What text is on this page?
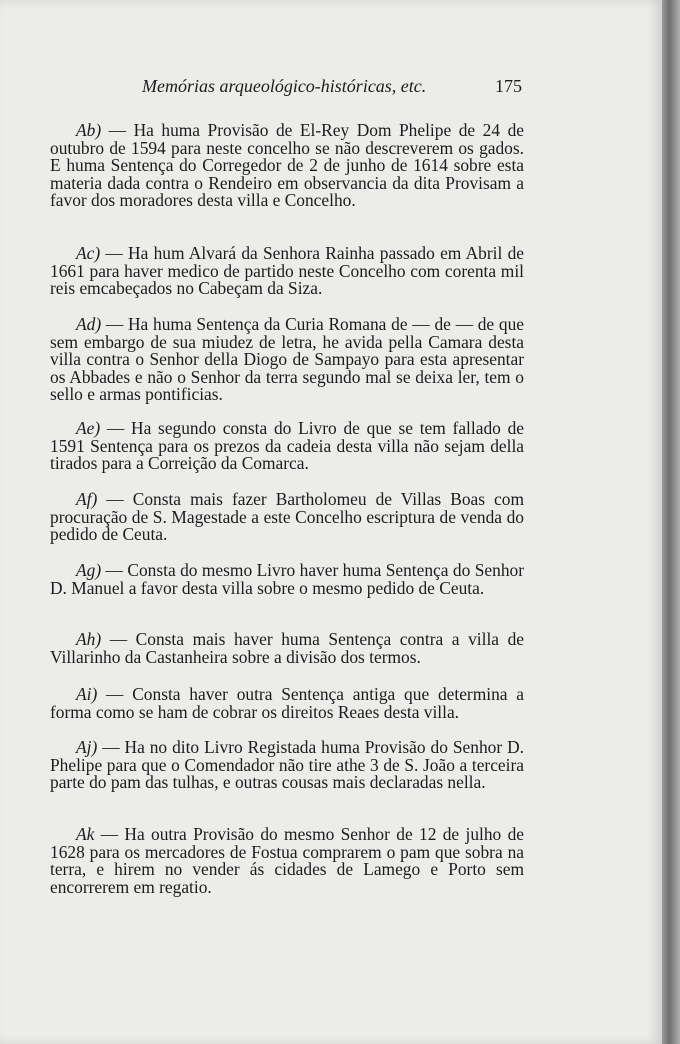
Memórias arqueológico-históricas, etc.	175

Ab) — Ha huma Provisão de El-Rey Dom Phelipe de 24 de outubro de 1594 para neste concelho se não descreverem os gados. E huma Sentença do Corregedor de 2 de junho de 1614 sobre esta materia dada contra o Rendeiro em observancia da dita Provisam a favor dos moradores desta villa e Concelho.

Ac) — Ha hum Alvará da Senhora Rainha passado em Abril de 1661 para haver medico de partido neste Concelho com corenta mil reis emcabeçados no Cabeçam da Siza.

Ad) — Ha huma Sentença da Curia Romana de — de — de que sem embargo de sua miudez de letra, he avida pella Camara desta villa contra o Senhor della Diogo de Sampayo para esta apresentar os Abbades e não o Senhor da terra segundo mal se deixa ler, tem o sello e armas pontificias.

Ae) — Ha segundo consta do Livro de que se tem fallado de 1591 Sentença para os prezos da cadeia desta villa não sejam della tirados para a Correição da Comarca.

Af) — Consta mais fazer Bartholomeu de Villas Boas com procuração de S. Magestade a este Concelho escriptura de venda do pedido de Ceuta.

Ag) — Consta do mesmo Livro haver huma Sentença do Senhor D. Manuel a favor desta villa sobre o mesmo pedido de Ceuta.

Ah) — Consta mais haver huma Sentença contra a villa de Villarinho da Castanheira sobre a divisão dos termos.

Ai) — Consta haver outra Sentença antiga que determina a forma como se ham de cobrar os direitos Reaes desta villa.

Aj) — Ha no dito Livro Registada huma Provisão do Senhor D. Phelipe para que o Comendador não tire athe 3 de S. João a terceira parte do pam das tulhas, e outras cousas mais declaradas nella.

Ak — Ha outra Provisão do mesmo Senhor de 12 de julho de 1628 para os mercadores de Fostua comprarem o pam que sobra na terra, e hirem no vender ás cidades de Lamego e Porto sem encorrerem em regatio.
